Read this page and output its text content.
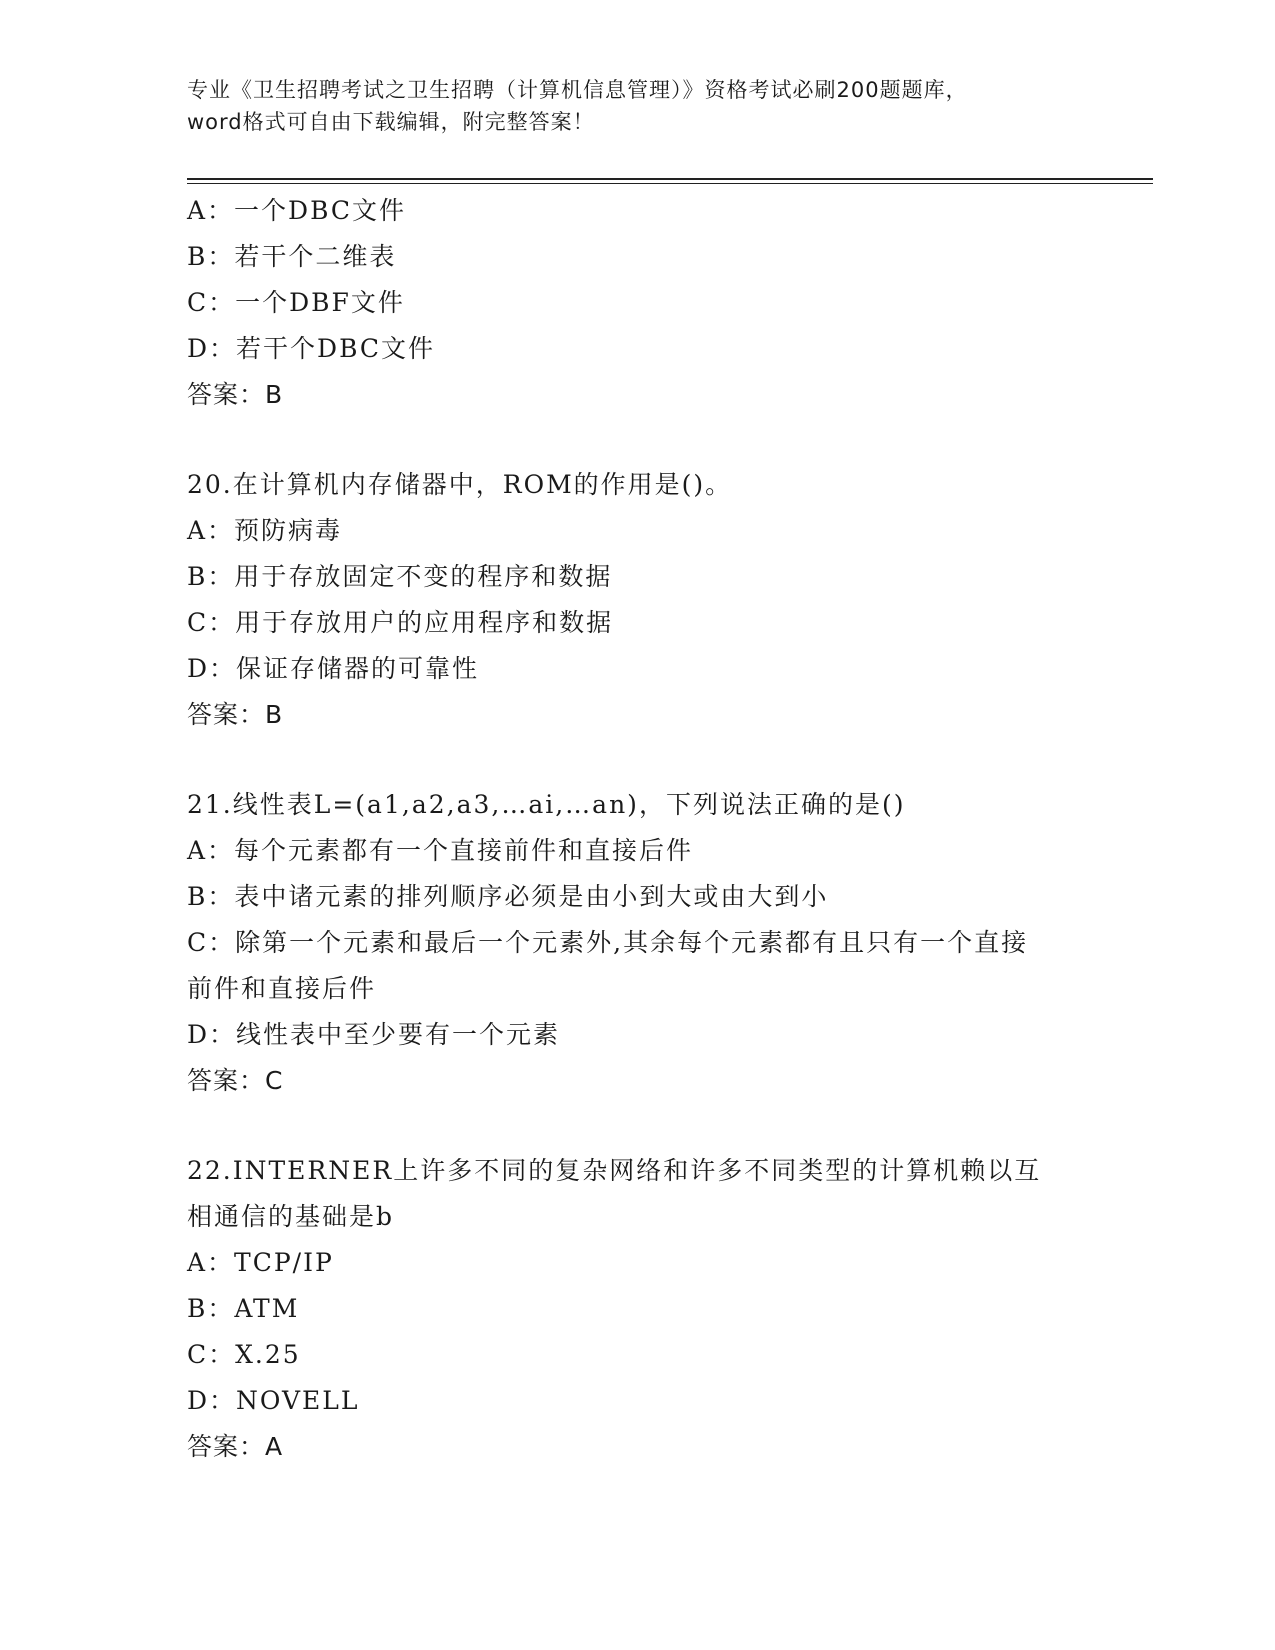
专业《卫生招聘考试之卫生招聘（计算机信息管理）》资格考试必刷200题题库，
word格式可自由下载编辑，附完整答案！
A：一个DBC文件
B：若干个二维表
C：一个DBF文件
D：若干个DBC文件
答案：B
20.在计算机内存储器中，ROM的作用是()。
A：预防病毒
B：用于存放固定不变的程序和数据
C：用于存放用户的应用程序和数据
D：保证存储器的可靠性
答案：B
21.线性表L=(a1,a2,a3,…ai,…an)，下列说法正确的是()
A：每个元素都有一个直接前件和直接后件
B：表中诸元素的排列顺序必须是由小到大或由大到小
C：除第一个元素和最后一个元素外,其余每个元素都有且只有一个直接前件和直接后件
D：线性表中至少要有一个元素
答案：C
22.INTERNER上许多不同的复杂网络和许多不同类型的计算机赖以互相通信的基础是b
A：TCP/IP
B：ATM
C：X.25
D：NOVELL
答案：A
